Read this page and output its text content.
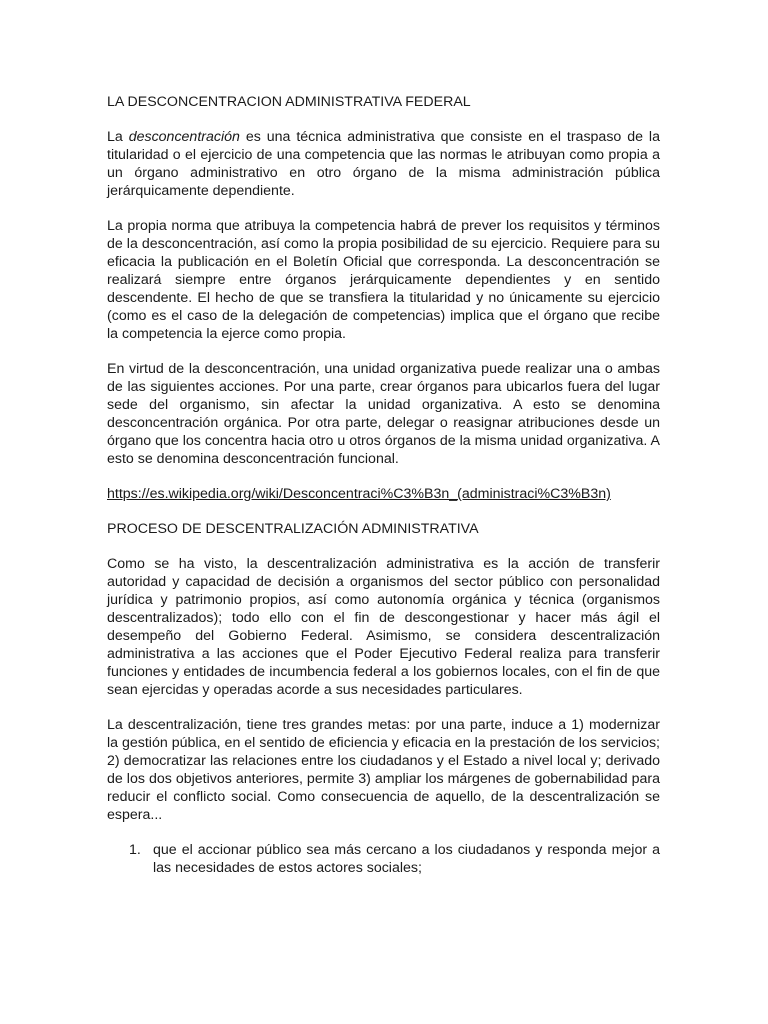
LA DESCONCENTRACION ADMINISTRATIVA FEDERAL

La desconcentración es una técnica administrativa que consiste en el traspaso de la titularidad o el ejercicio de una competencia que las normas le atribuyan como propia a un órgano administrativo en otro órgano de la misma administración pública jerárquicamente dependiente.

La propia norma que atribuya la competencia habrá de prever los requisitos y términos de la desconcentración, así como la propia posibilidad de su ejercicio. Requiere para su eficacia la publicación en el Boletín Oficial que corresponda. La desconcentración se realizará siempre entre órganos jerárquicamente dependientes y en sentido descendente. El hecho de que se transfiera la titularidad y no únicamente su ejercicio (como es el caso de la delegación de competencias) implica que el órgano que recibe la competencia la ejerce como propia.

En virtud de la desconcentración, una unidad organizativa puede realizar una o ambas de las siguientes acciones. Por una parte, crear órganos para ubicarlos fuera del lugar sede del organismo, sin afectar la unidad organizativa. A esto se denomina desconcentración orgánica. Por otra parte, delegar o reasignar atribuciones desde un órgano que los concentra hacia otro u otros órganos de la misma unidad organizativa. A esto se denomina desconcentración funcional.

https://es.wikipedia.org/wiki/Desconcentraci%C3%B3n_(administraci%C3%B3n)
PROCESO DE DESCENTRALIZACIÓN ADMINISTRATIVA

Como se ha visto, la descentralización administrativa es la acción de transferir autoridad y capacidad de decisión a organismos del sector público con personalidad jurídica y patrimonio propios, así como autonomía orgánica y técnica (organismos descentralizados); todo ello con el fin de descongestionar y hacer más ágil el desempeño del Gobierno Federal. Asimismo, se considera descentralización administrativa a las acciones que el Poder Ejecutivo Federal realiza para transferir funciones y entidades de incumbencia federal a los gobiernos locales, con el fin de que sean ejercidas y operadas acorde a sus necesidades particulares.

La descentralización, tiene tres grandes metas: por una parte, induce a 1) modernizar la gestión pública, en el sentido de eficiencia y eficacia en la prestación de los servicios; 2) democratizar las relaciones entre los ciudadanos y el Estado a nivel local y; derivado de los dos objetivos anteriores, permite 3) ampliar los márgenes de gobernabilidad para reducir el conflicto social. Como consecuencia de aquello, de la descentralización se espera...

1. que el accionar público sea más cercano a los ciudadanos y responda mejor a las necesidades de estos actores sociales;
